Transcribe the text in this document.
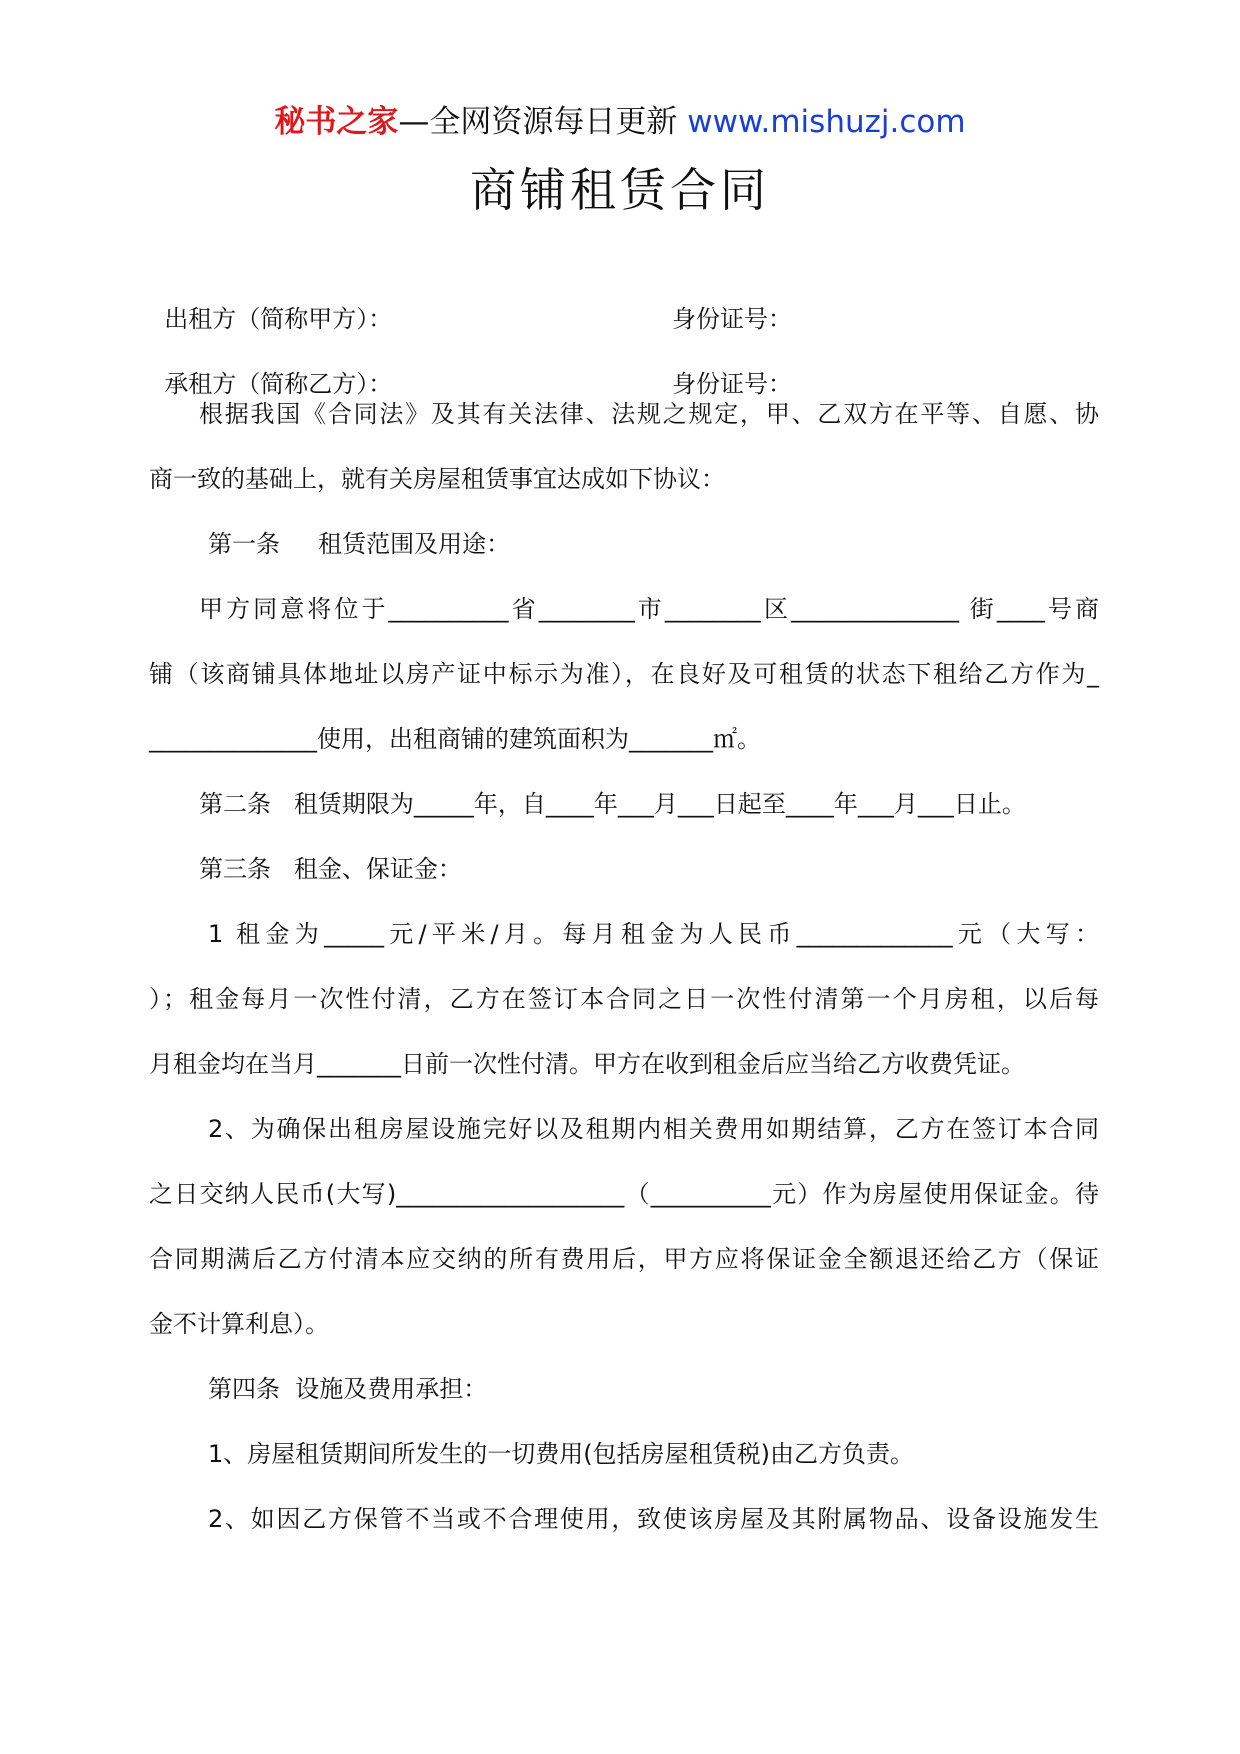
秘书之家—全网资源每日更新 www.mishuzj.com
商铺租赁合同

出租方（简称甲方）：	身份证号：

承租方（简称乙方）：	身份证号：

根据我国《合同法》及其有关法律、法规之规定，甲、乙双方在平等、自愿、协
商一致的基础上，就有关房屋租赁事宜达成如下协议：
第一条     租赁范围及用途：
甲方同意将位于__________省________市________区______________ 街____号商
铺（该商铺具体地址以房产证中标示为准），在良好及可租赁的状态下租给乙方作为_
______________使用，出租商铺的建筑面积为_______㎡。
第二条   租赁期限为_____年，自____年___月___日起至____年___月___日止。
第三条   租金、保证金：
1 租金为_____元/平米/月。每月租金为人民币_____________元（大写：
）；租金每月一次性付清，乙方在签订本合同之日一次性付清第一个月房租，以后每
月租金均在当月_______日前一次性付清。甲方在收到租金后应当给乙方收费凭证。
2、为确保出租房屋设施完好以及租期内相关费用如期结算，乙方在签订本合同
之日交纳人民币(大写)___________________（__________元）作为房屋使用保证金。待
合同期满后乙方付清本应交纳的所有费用后，甲方应将保证金全额退还给乙方（保证
金不计算利息）。
第四条  设施及费用承担：
1、房屋租赁期间所发生的一切费用(包括房屋租赁税)由乙方负责。
2、如因乙方保管不当或不合理使用，致使该房屋及其附属物品、设备设施发生
